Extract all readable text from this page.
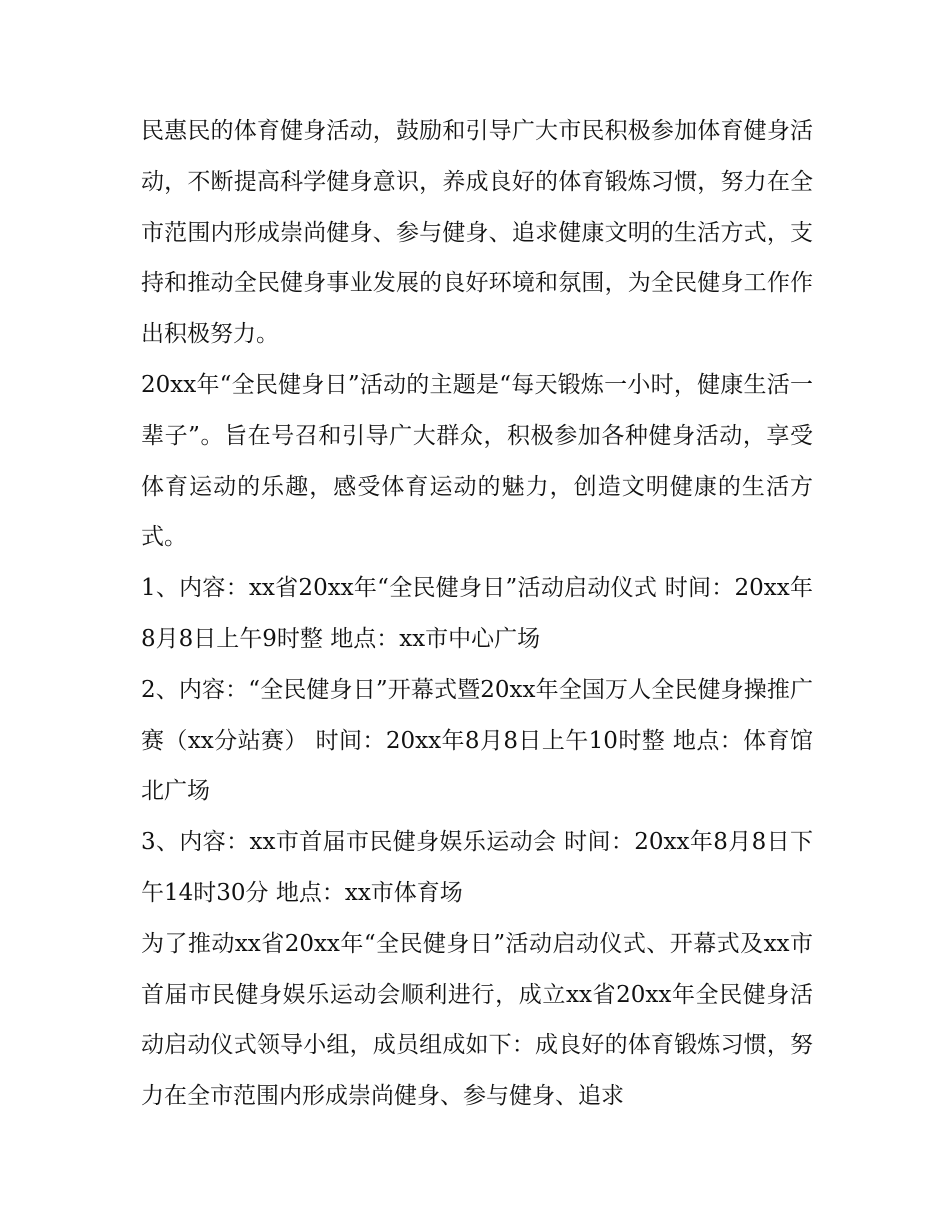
民惠民的体育健身活动，鼓励和引导广大市民积极参加体育健身活动，不断提高科学健身意识，养成良好的体育锻炼习惯，努力在全市范围内形成崇尚健身、参与健身、追求健康文明的生活方式，支持和推动全民健身事业发展的良好环境和氛围，为全民健身工作作出积极努力。

20xx年“全民健身日”活动的主题是“每天锻炼一小时，健康生活一辈子”。旨在号召和引导广大群众，积极参加各种健身活动，享受体育运动的乐趣，感受体育运动的魅力，创造文明健康的生活方式。

1、内容：xx省20xx年“全民健身日”活动启动仪式 时间：20xx年8月8日上午9时整 地点：xx市中心广场

2、内容：“全民健身日”开幕式暨20xx年全国万人全民健身操推广赛（xx分站赛） 时间：20xx年8月8日上午10时整 地点：体育馆北广场

3、内容：xx市首届市民健身娱乐运动会 时间：20xx年8月8日下午14时30分 地点：xx市体育场

为了推动xx省20xx年“全民健身日”活动启动仪式、开幕式及xx市首届市民健身娱乐运动会顺利进行，成立xx省20xx年全民健身活动启动仪式领导小组，成员组成如下：成良好的体育锻炼习惯，努力在全市范围内形成崇尚健身、参与健身、追求
